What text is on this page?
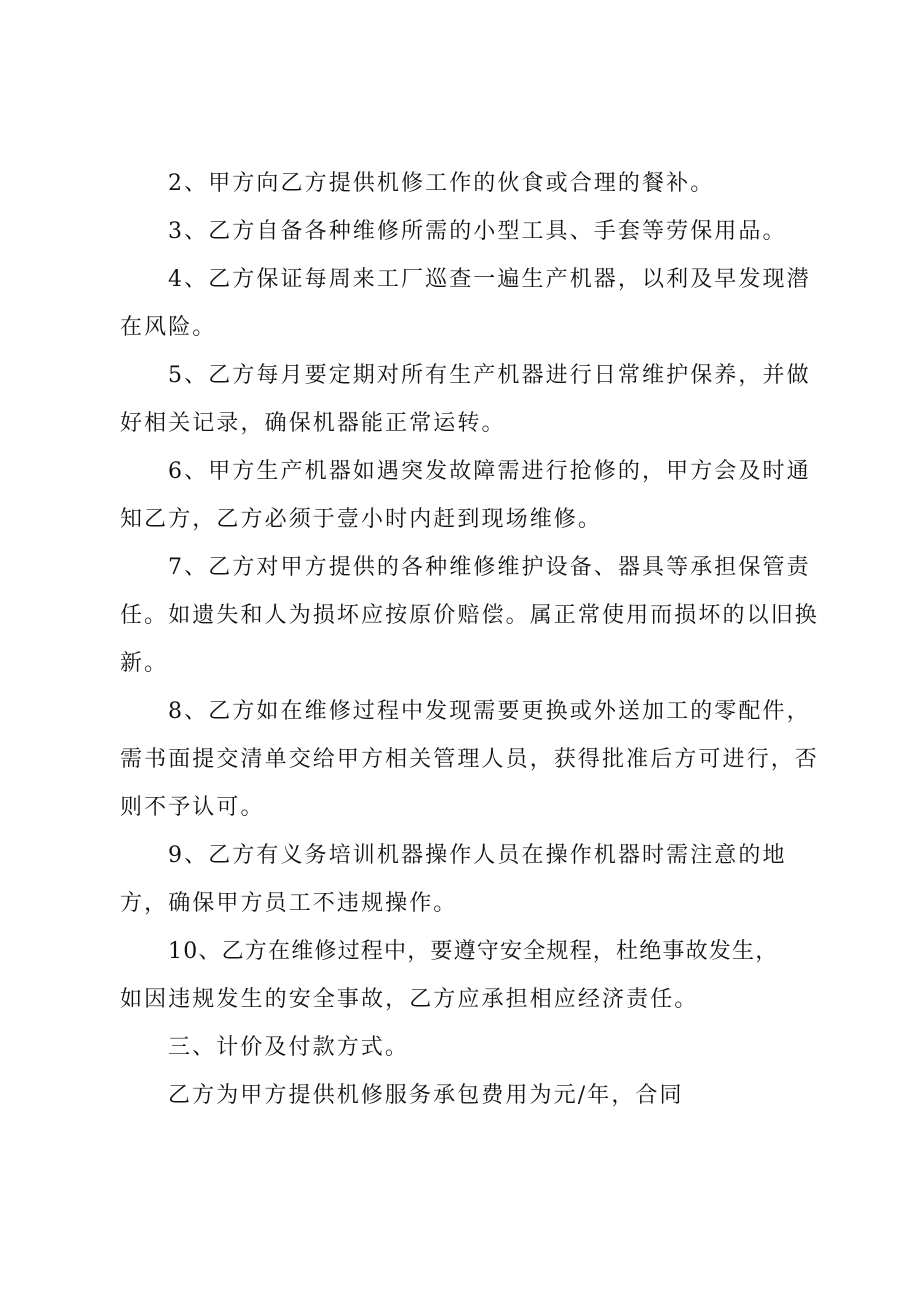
2、甲方向乙方提供机修工作的伙食或合理的餐补。

3、乙方自备各种维修所需的小型工具、手套等劳保用品。

4、乙方保证每周来工厂巡查一遍生产机器，以利及早发现潜在风险。

5、乙方每月要定期对所有生产机器进行日常维护保养，并做好相关记录，确保机器能正常运转。

6、甲方生产机器如遇突发故障需进行抢修的，甲方会及时通知乙方，乙方必须于壹小时内赶到现场维修。

7、乙方对甲方提供的各种维修维护设备、器具等承担保管责任。如遗失和人为损坏应按原价赔偿。属正常使用而损坏的以旧换新。

8、乙方如在维修过程中发现需要更换或外送加工的零配件，需书面提交清单交给甲方相关管理人员，获得批准后方可进行，否则不予认可。

9、乙方有义务培训机器操作人员在操作机器时需注意的地方，确保甲方员工不违规操作。

10、乙方在维修过程中，要遵守安全规程，杜绝事故发生，

如因违规发生的安全事故，乙方应承担相应经济责任。

三、计价及付款方式。

乙方为甲方提供机修服务承包费用为元/年，合同
